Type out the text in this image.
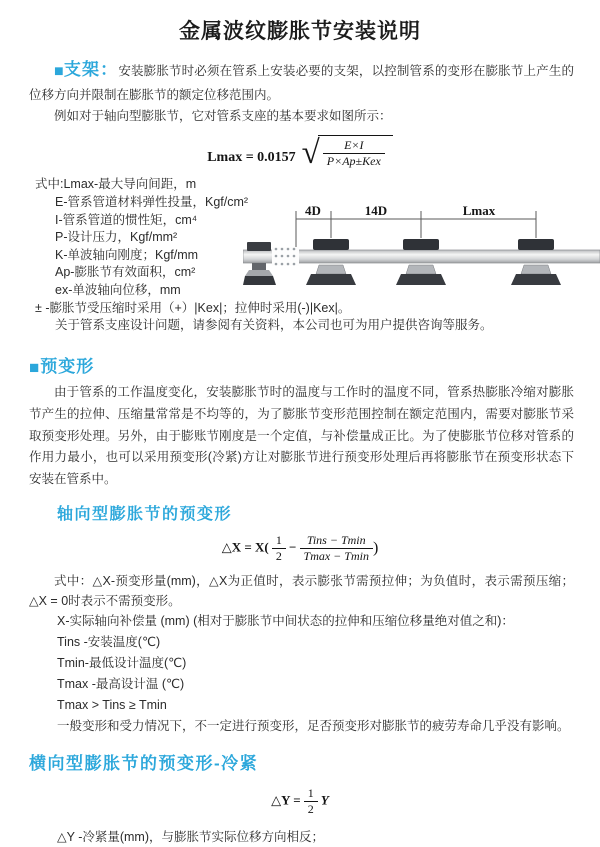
金属波纹膨胀节安装说明

■支架：安装膨胀节时必须在管系上安装必要的支架，以控制管系的变形在膨胀节上产生的位移方向并限制在膨胀节的额定位移范围内。

例如对于轴向型膨胀节，它对管系支座的基本要求如图所示：

Lmax = 0.0157 √ $\frac{E\times I}{\text{P×Ap±Kex}}$
式中:Lmax-最大导向间距，m
E-管系管道材料弹性投量，Kgf/cm²
I-管系管道的惯性矩，cm⁴
P-设计压力，Kgf/mm²
K-单波轴向刚度；Kgf/mm
Ap-膨胀节有效面积，cm²
ex-单波轴向位移，mm
± -膨胀节受压缩时采用（+）|Kex|；拉伸时采用(-)|Kex|。
关于管系支座设计问题，请参阅有关资料，本公司也可为用户提供咨询等服务。
4D	14D	Lmax
■预变形

由于管系的工作温度变化，安装膨胀节时的温度与工作时的温度不同，管系热膨胀冷缩对膨胀节产生的拉伸、压缩量常常是不均等的，为了膨胀节变形范围控制在额定范围内，需要对膨胀节采取预变形处理。另外，由于膨账节刚度是一个定值，与补偿量成正比。为了使膨胀节位移对管系的作用力最小，也可以采用预变形(冷紧)方让对膨胀节进行预变形处理后再将膨胀节在预变形状态下安装在管系中。

轴向型膨胀节的预变形
△X = $X( \frac{1}{2} - \frac{\text{Tins − Tmin}}{Tmax - Tmin}$ )

式中：△X-预变形量(mm)，△X为正值时，表示膨张节需预拉伸；为负值时，表示需预压缩；△X = 0时表示不需预变形。

X-实际轴向补偿量 (mm) (相对于膨胀节中间状态的拉伸和压缩位移量绝对值之和)：
Tins -安装温度(℃)
Tmin-最低设计温度(℃)
Tmax -最高设计温 (℃)
Tmax > Tins ≥ Tmin
一般变形和受力情况下，不一定进行预变形，足否预变形对膨胀节的疲劳寿命几乎没有影响。
横向型膨胀节的预变形-冷紧
△Y = $\frac{1}{2}$ Y

△Y -冷紧量(mm)，与膨胀节实际位移方向相反；
